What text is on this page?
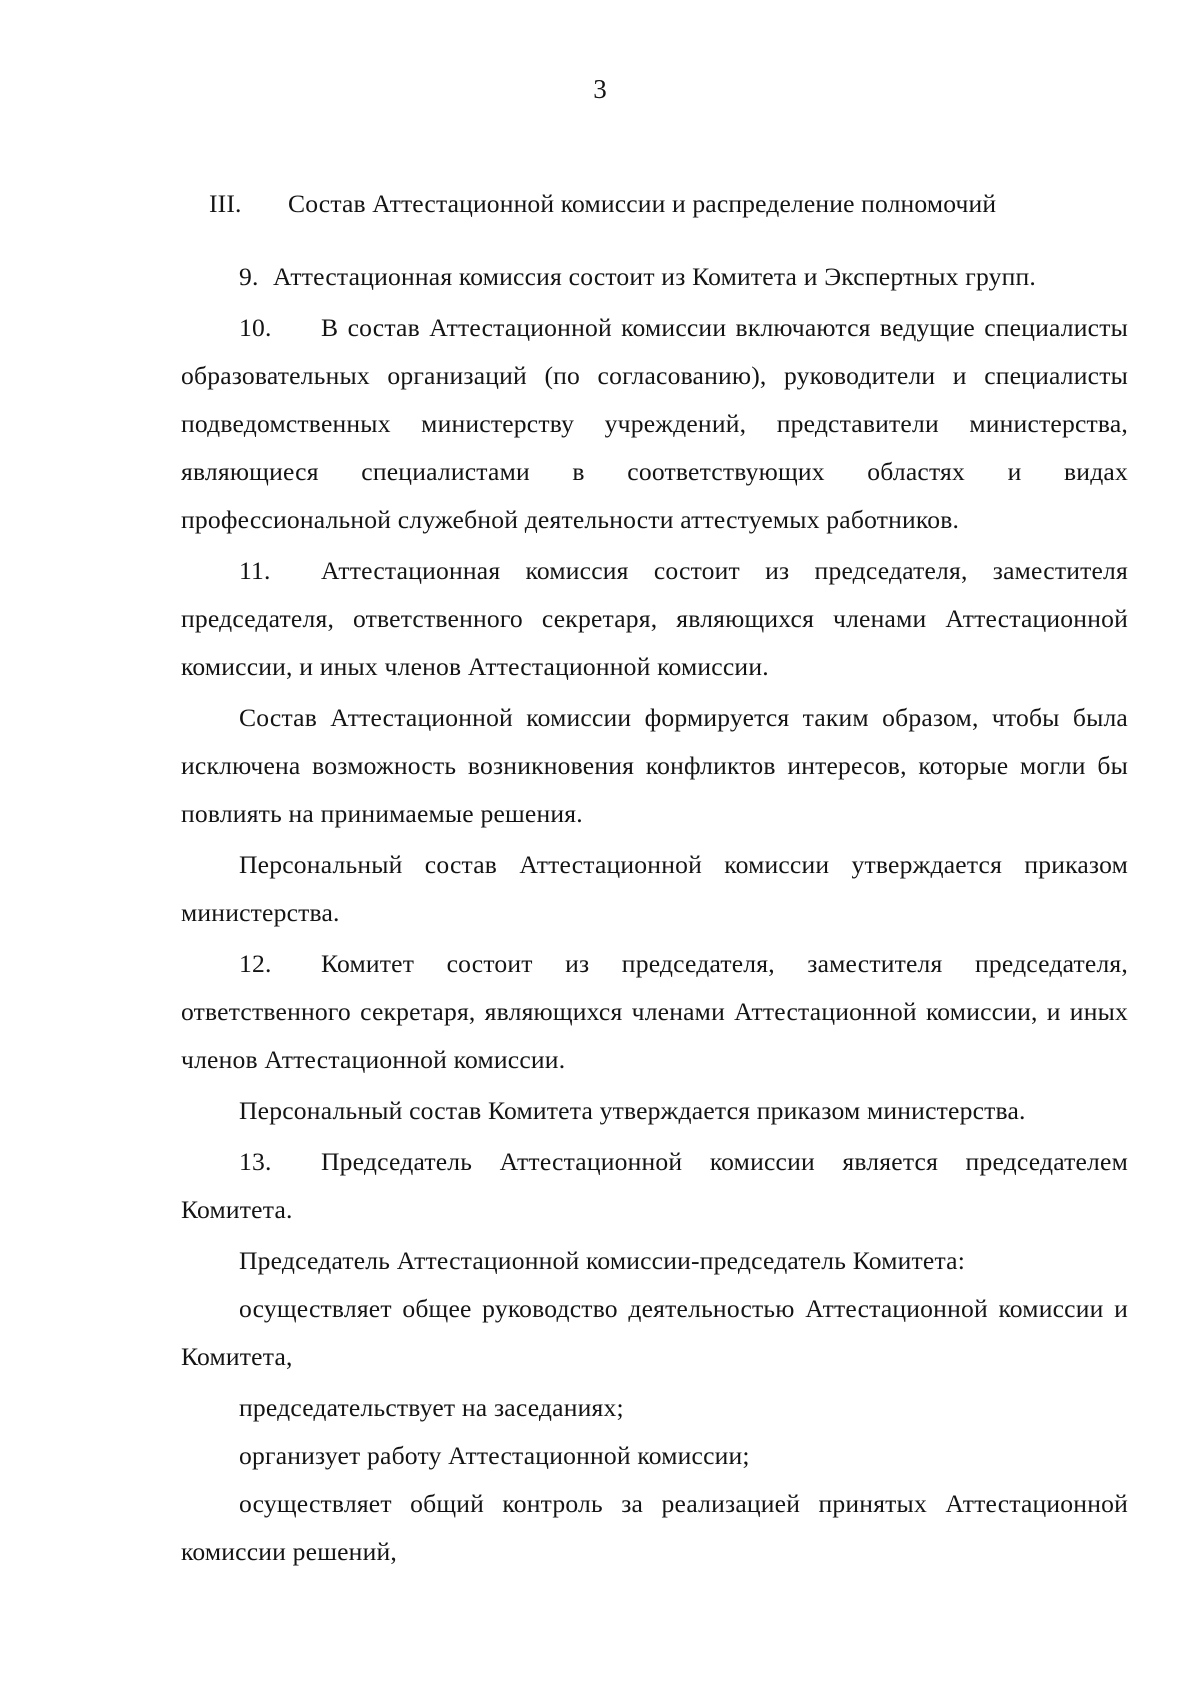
3
III. Состав Аттестационной комиссии и распределение полномочий

9. Аттестационная комиссия состоит из Комитета и Экспертных групп.

10. В состав Аттестационной комиссии включаются ведущие специалисты образовательных организаций (по согласованию), руководители и специалисты подведомственных министерству учреждений, представители министерства, являющиеся специалистами в соответствующих областях и видах профессиональной служебной деятельности аттестуемых работников.

11. Аттестационная комиссия состоит из председателя, заместителя председателя, ответственного секретаря, являющихся членами Аттестационной комиссии, и иных членов Аттестационной комиссии.

Состав Аттестационной комиссии формируется таким образом, чтобы была исключена возможность возникновения конфликтов интересов, которые могли бы повлиять на принимаемые решения.

Персональный состав Аттестационной комиссии утверждается приказом министерства.

12. Комитет состоит из председателя, заместителя председателя, ответственного секретаря, являющихся членами Аттестационной комиссии, и иных членов Аттестационной комиссии.

Персональный состав Комитета утверждается приказом министерства.

13. Председатель Аттестационной комиссии является председателем Комитета.

Председатель Аттестационной комиссии-председатель Комитета:

осуществляет общее руководство деятельностью Аттестационной комиссии и Комитета,

председательствует на заседаниях;

организует работу Аттестационной комиссии;

осуществляет общий контроль за реализацией принятых Аттестационной комиссии решений,
